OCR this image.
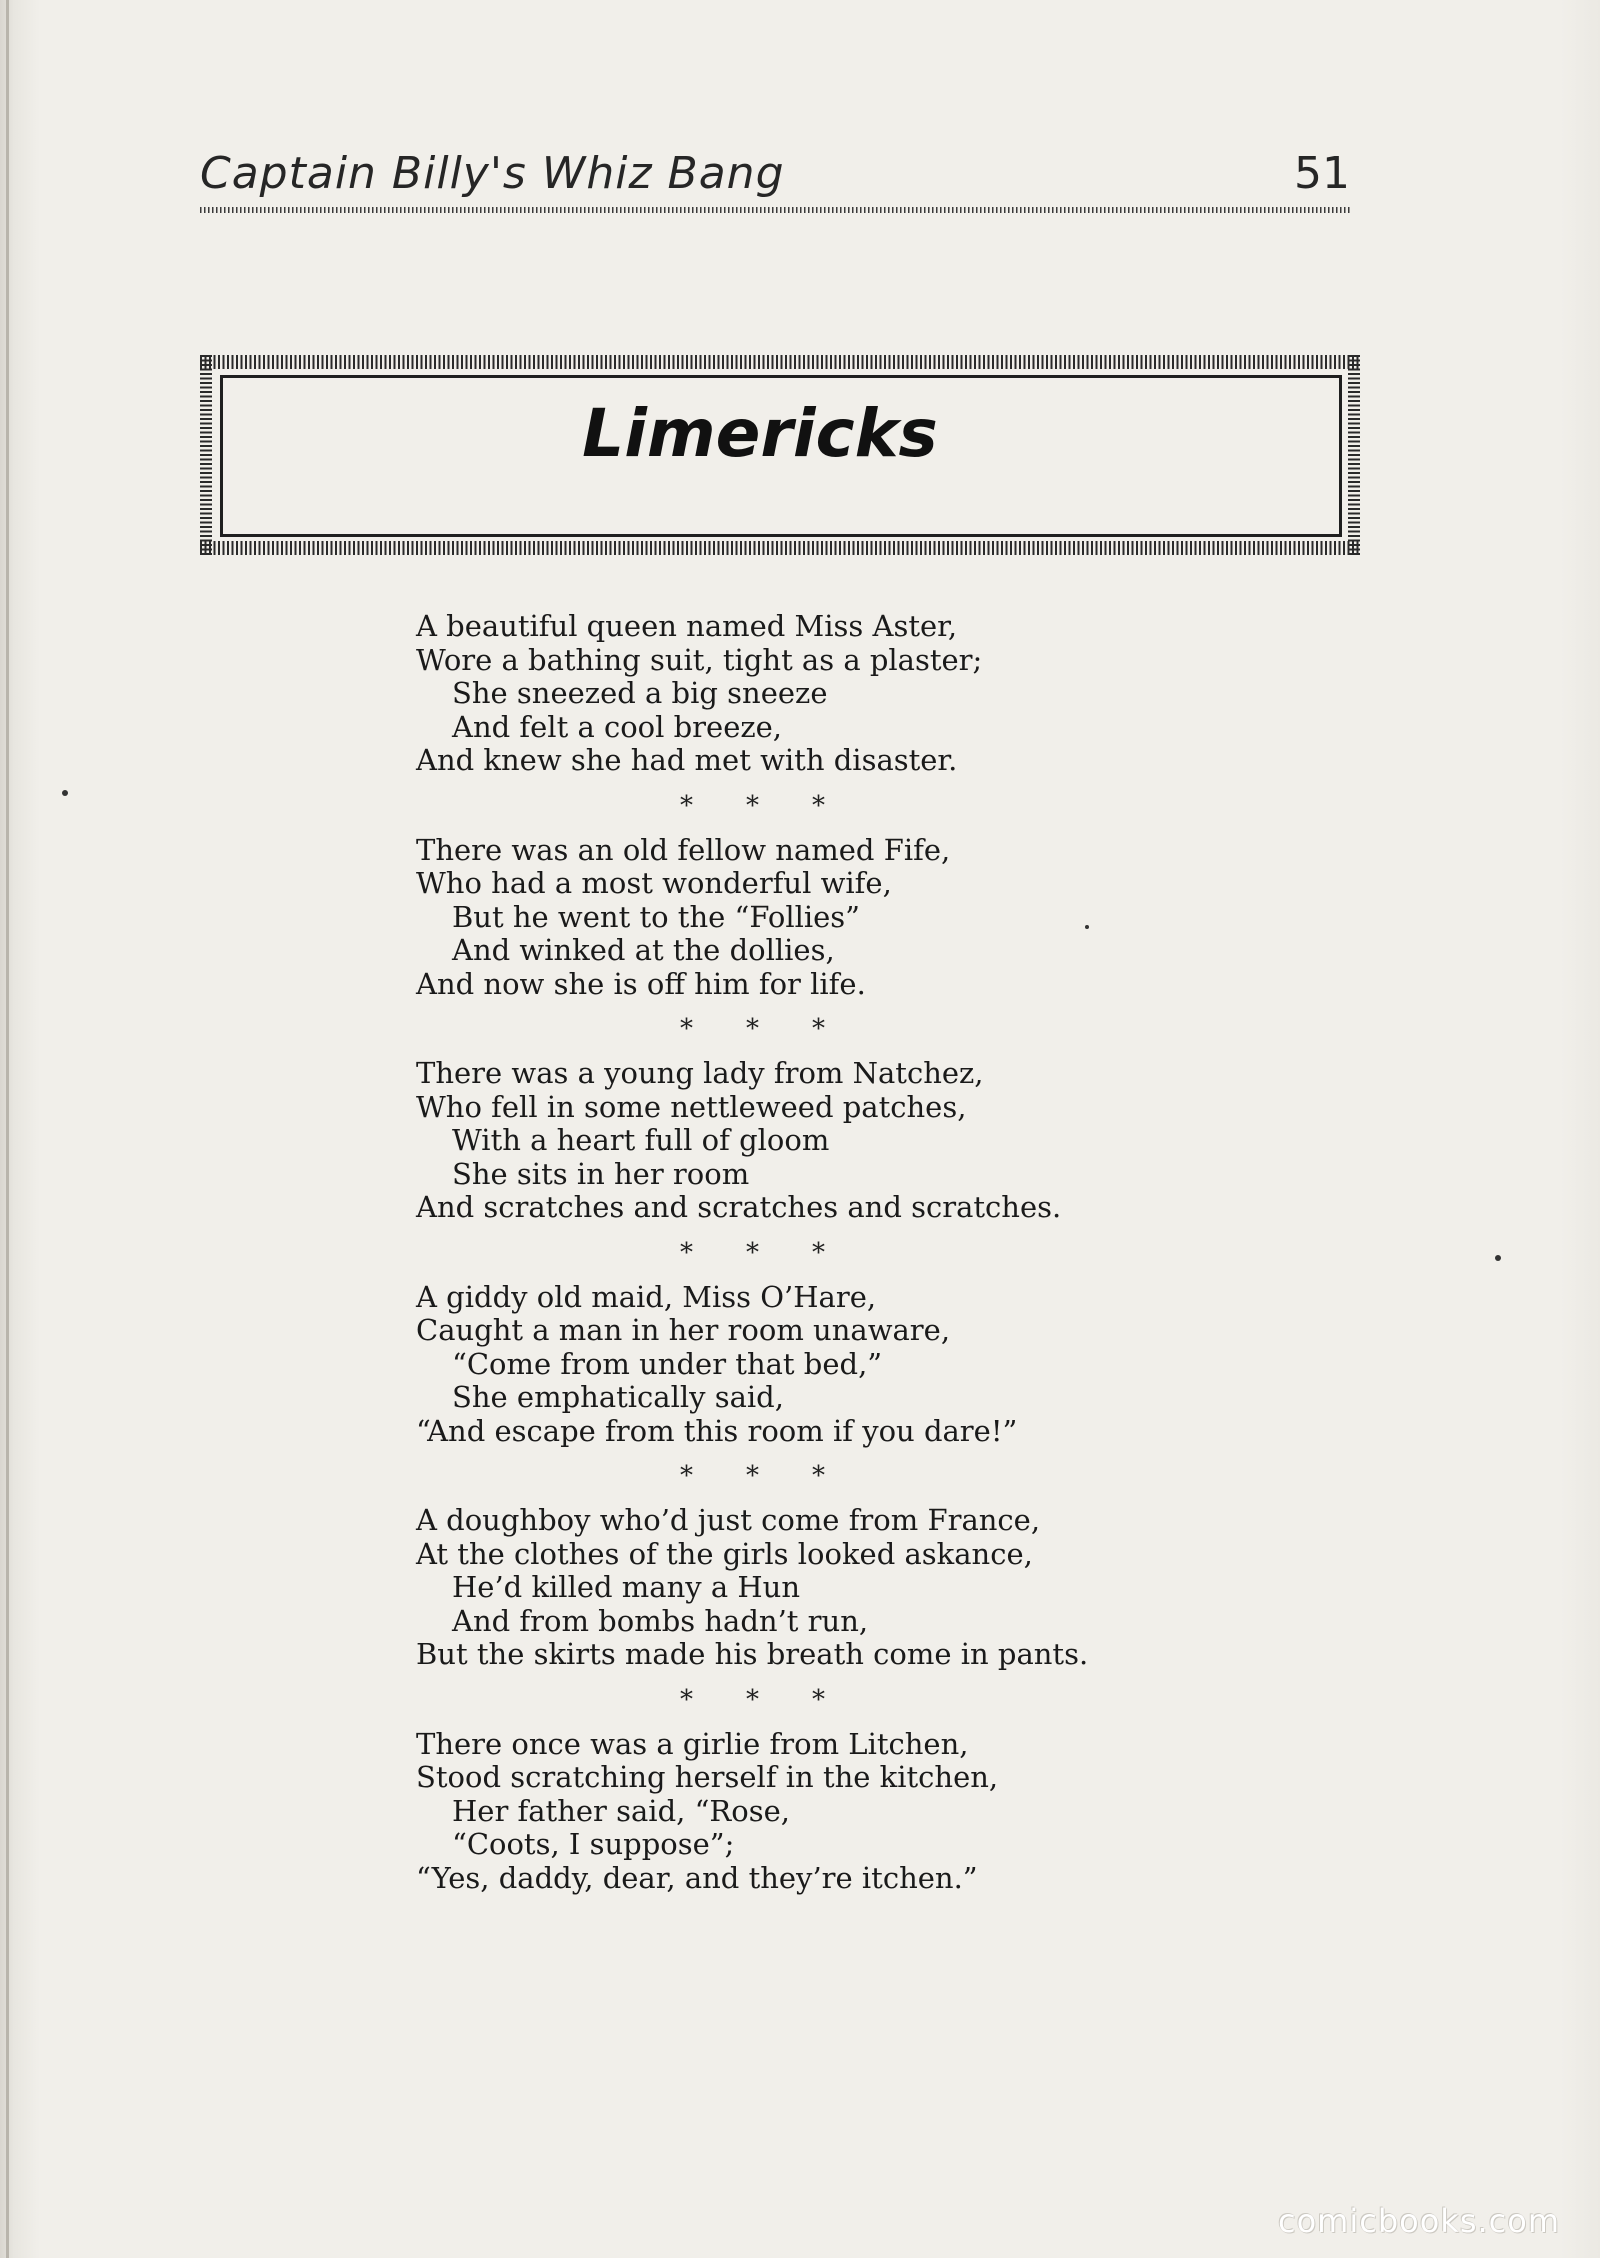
Captain Billy's Whiz Bang	51
Limericks
A beautiful queen named Miss Aster,
Wore a bathing suit, tight as a plaster;
She sneezed a big sneeze
And felt a cool breeze,
And knew she had met with disaster.
* * *
There was an old fellow named Fife,
Who had a most wonderful wife,
But he went to the “Follies”
And winked at the dollies,
And now she is off him for life.
* * *
There was a young lady from Natchez,
Who fell in some nettleweed patches,
With a heart full of gloom
She sits in her room
And scratches and scratches and scratches.
* * *
A giddy old maid, Miss O’Hare,
Caught a man in her room unaware,
“Come from under that bed,”
She emphatically said,
“And escape from this room if you dare!”
* * *
A doughboy who’d just come from France,
At the clothes of the girls looked askance,
He’d killed many a Hun
And from bombs hadn’t run,
But the skirts made his breath come in pants.
* * *
There once was a girlie from Litchen,
Stood scratching herself in the kitchen,
Her father said, “Rose,
“Coots, I suppose”;
“Yes, daddy, dear, and they’re itchen.”
comicbooks.com
